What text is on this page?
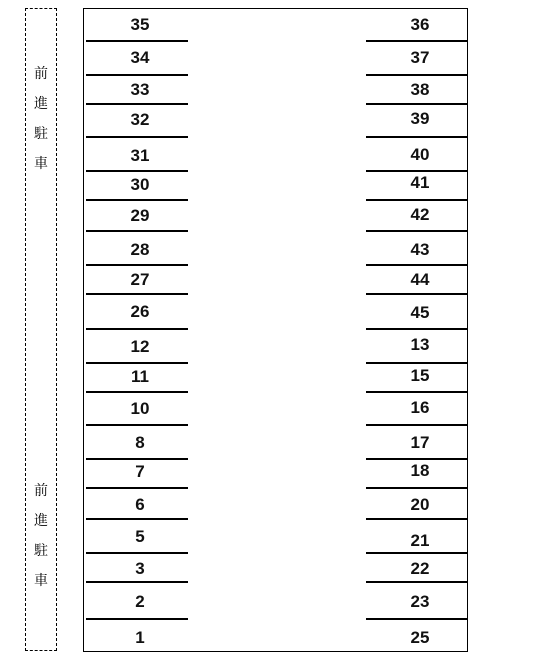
前
進
駐
車
前
進
駐
車
35
34
33
32
31
30
29
28
27
26
12
11
10
8
7
6
5
3
2
1
36
37
38
39
40
41
42
43
44
45
13
15
16
17
18
20
21
22
23
25
